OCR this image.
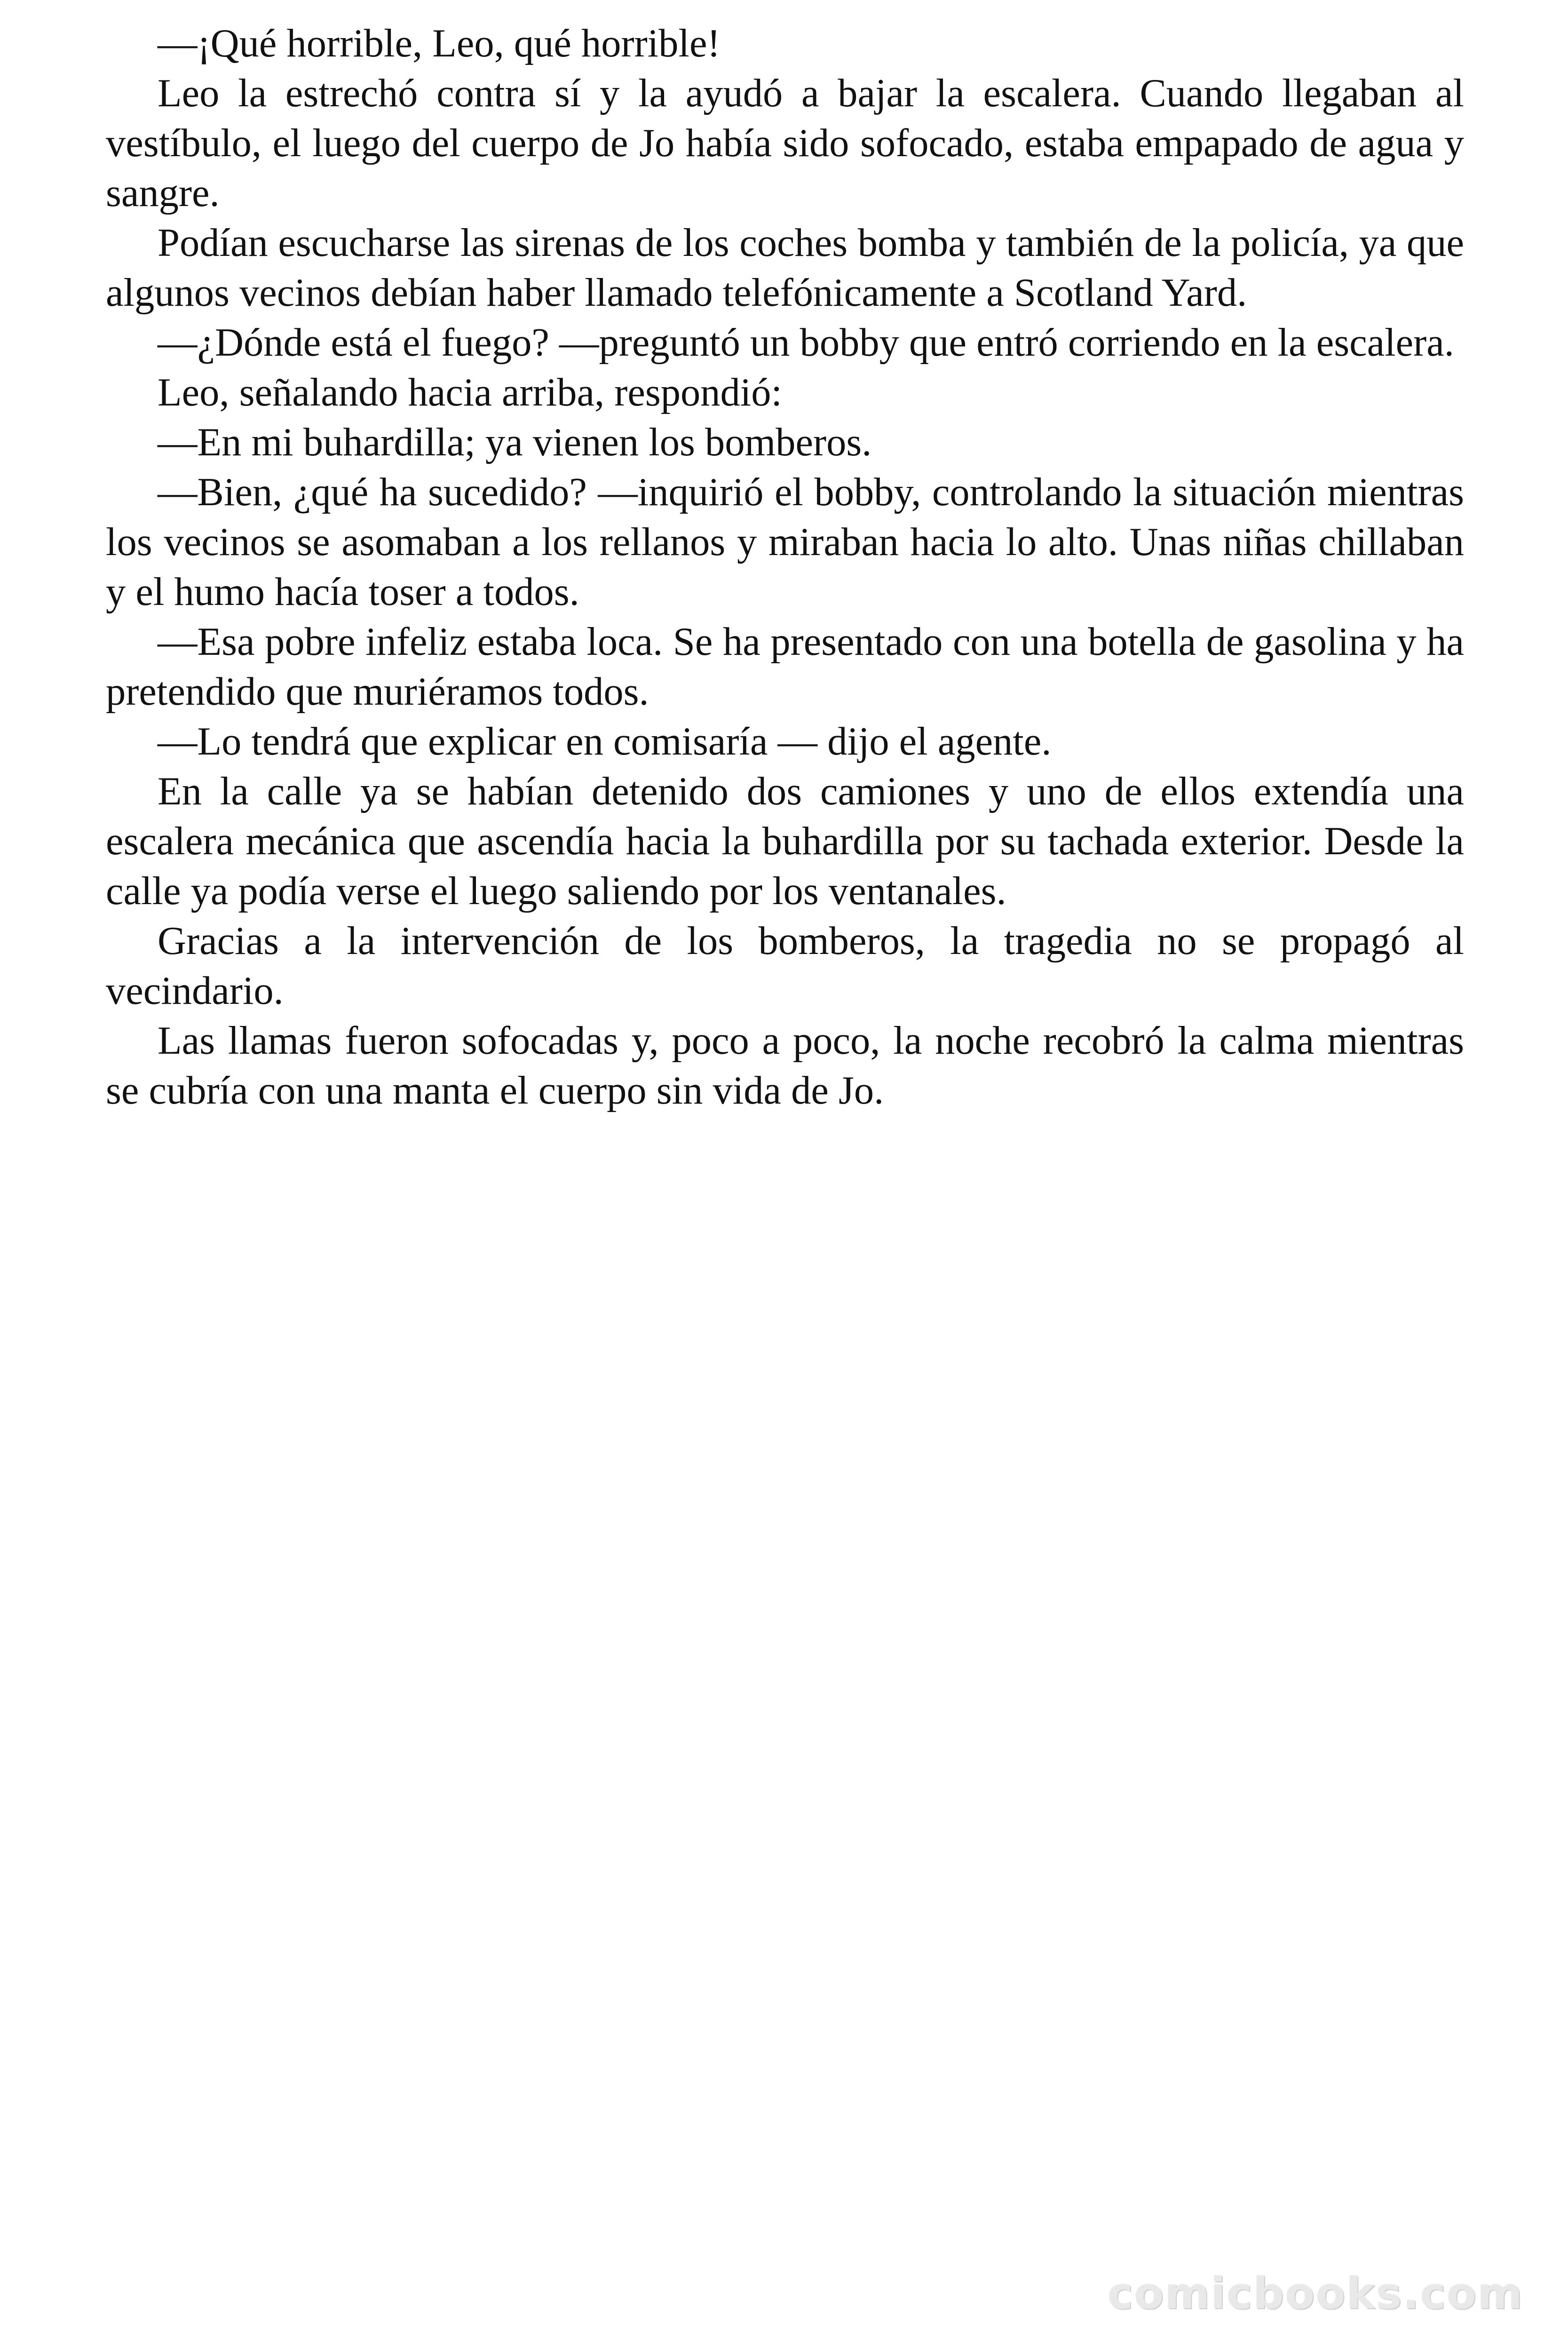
—¡Qué horrible, Leo, qué horrible!

Leo la estrechó contra sí y la ayudó a bajar la escalera. Cuando llegaban al vestíbulo, el luego del cuerpo de Jo había sido sofocado, estaba empapado de agua y sangre.

Podían escucharse las sirenas de los coches bomba y también de la policía, ya que algunos vecinos debían haber llamado telefónicamente a Scotland Yard.

—¿Dónde está el fuego? —preguntó un bobby que entró corriendo en la escalera.

Leo, señalando hacia arriba, respondió:

—En mi buhardilla; ya vienen los bomberos.

—Bien, ¿qué ha sucedido? —inquirió el bobby, controlando la situación mientras los vecinos se asomaban a los rellanos y miraban hacia lo alto. Unas niñas chillaban y el humo hacía toser a todos.

—Esa pobre infeliz estaba loca. Se ha presentado con una botella de gasolina y ha pretendido que muriéramos todos.

—Lo tendrá que explicar en comisaría — dijo el agente.

En la calle ya se habían detenido dos camiones y uno de ellos extendía una escalera mecánica que ascendía hacia la buhardilla por su tachada exterior. Desde la calle ya podía verse el luego saliendo por los ventanales.

Gracias a la intervención de los bomberos, la tragedia no se propagó al vecindario.

Las llamas fueron sofocadas y, poco a poco, la noche recobró la calma mientras se cubría con una manta el cuerpo sin vida de Jo.

comicbooks.com
